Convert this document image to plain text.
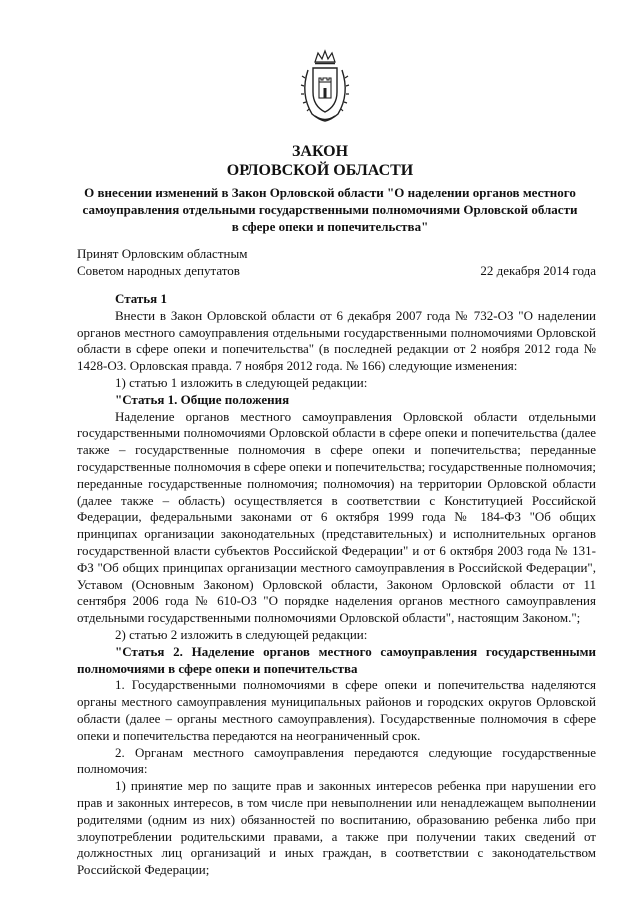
ЗАКОН
ОРЛОВСКОЙ ОБЛАСТИ
О внесении изменений в Закон Орловской области "О наделении органов местного самоуправления отдельными государственными полномочиями Орловской области в сфере опеки и попечительства"
Принят Орловским областным
Советом народных депутатов	22 декабря 2014 года

Статья 1

Внести в Закон Орловской области от 6 декабря 2007 года № 732-ОЗ "О наделении органов местного самоуправления отдельными государственными полномочиями Орловской области в сфере опеки и попечительства" (в последней редакции от 2 ноября 2012 года № 1428-ОЗ. Орловская правда. 7 ноября 2012 года. № 166) следующие изменения:

1) статью 1 изложить в следующей редакции:

"Статья 1. Общие положения

Наделение органов местного самоуправления Орловской области отдельными государственными полномочиями Орловской области в сфере опеки и попечительства (далее также – государственные полномочия в сфере опеки и попечительства; переданные государственные полномочия в сфере опеки и попечительства; государственные полномочия; переданные государственные полномочия; полномочия) на территории Орловской области (далее также – область) осуществляется в соответствии с Конституцией Российской Федерации, федеральными законами от 6 октября 1999 года № 184-ФЗ "Об общих принципах организации законодательных (представительных) и исполнительных органов государственной власти субъектов Российской Федерации" и от 6 октября 2003 года № 131-ФЗ "Об общих принципах организации местного самоуправления в Российской Федерации", Уставом (Основным Законом) Орловской области, Законом Орловской области от 11 сентября 2006 года № 610-ОЗ "О порядке наделения органов местного самоуправления отдельными государственными полномочиями Орловской области", настоящим Законом.";

2) статью 2 изложить в следующей редакции:

"Статья 2. Наделение органов местного самоуправления государственными полномочиями в сфере опеки и попечительства

1. Государственными полномочиями в сфере опеки и попечительства наделяются органы местного самоуправления муниципальных районов и городских округов Орловской области (далее – органы местного самоуправления). Государственные полномочия в сфере опеки и попечительства передаются на неограниченный срок.

2. Органам местного самоуправления передаются следующие государственные полномочия:

1) принятие мер по защите прав и законных интересов ребенка при нарушении его прав и законных интересов, в том числе при невыполнении или ненадлежащем выполнении родителями (одним из них) обязанностей по воспитанию, образованию ребенка либо при злоупотреблении родительскими правами, а также при получении таких сведений от должностных лиц организаций и иных граждан, в соответствии с законодательством Российской Федерации;
